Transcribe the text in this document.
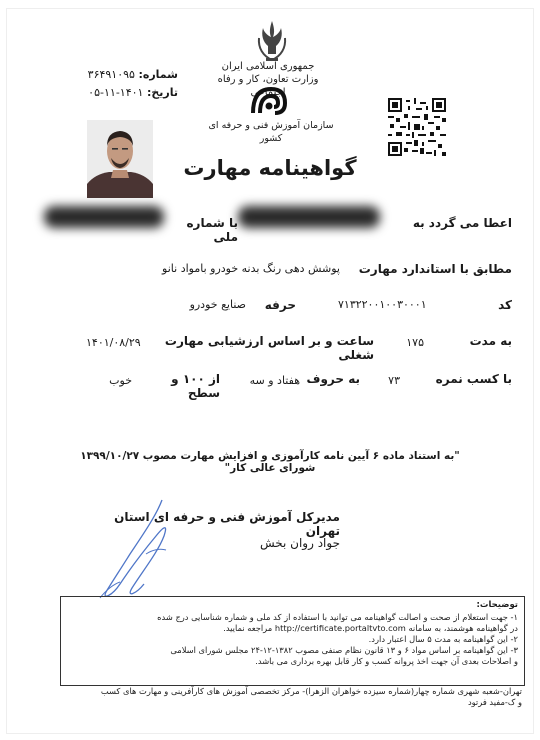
جمهوری اسلامی ایران
وزارت تعاون، کار و رفاه اجتماعی
سازمان آموزش فنی و حرفه ای کشور
شماره: ۳۶۴۹۱۰۹۵
تاریخ: ۱۴۰۱-۱۱-۰۵
گواهینامه مهارت
اعطا می گردد به
با شماره ملی
مطابق با استاندارد مهارت
پوشش دهی رنگ بدنه خودرو بامواد نانو
کد
۷۱۳۲۲۰۰۱۰۰۳۰۰۰۱
حرفه
صنایع خودرو
به مدت
۱۷۵
ساعت و بر اساس ارزشیابی مهارت شغلی
۱۴۰۱/۰۸/۲۹
با کسب نمره
۷۳
به حروف
هفتاد و سه
از ۱۰۰ و سطح
خوب
"به استناد ماده ۶ آیین نامه کارآموزی و افزایش مهارت مصوب ۱۳۹۹/۱۰/۲۷ شورای عالی کار"
مدیرکل آموزش فنی و حرفه ای استان تهران
جواد روان بخش
توضیحات:
۱- جهت استعلام از صحت و اصالت گواهینامه می توانید با استفاده از کد ملی و شماره شناسایی درج شده
در گواهینامه هوشمند، به سامانه http://certificate.portaltvto.com مراجعه نمایید.
۲- این گواهینامه به مدت ۵ سال اعتبار دارد.
۳- این گواهینامه بر اساس مواد ۶ و ۱۳ قانون نظام صنفی مصوب ۱۳۸۲-۱۲-۲۴ مجلس شورای اسلامی
و اصلاحات بعدی آن جهت اخذ پروانه کسب و کار قابل بهره برداری می باشد.
تهران-شعبه شهری شماره چهار(شماره سیزده خواهران الزهرا)- مرکز تخصصی آموزش های کارآفرینی و مهارت های کسب
و ک-مفید فرتود
